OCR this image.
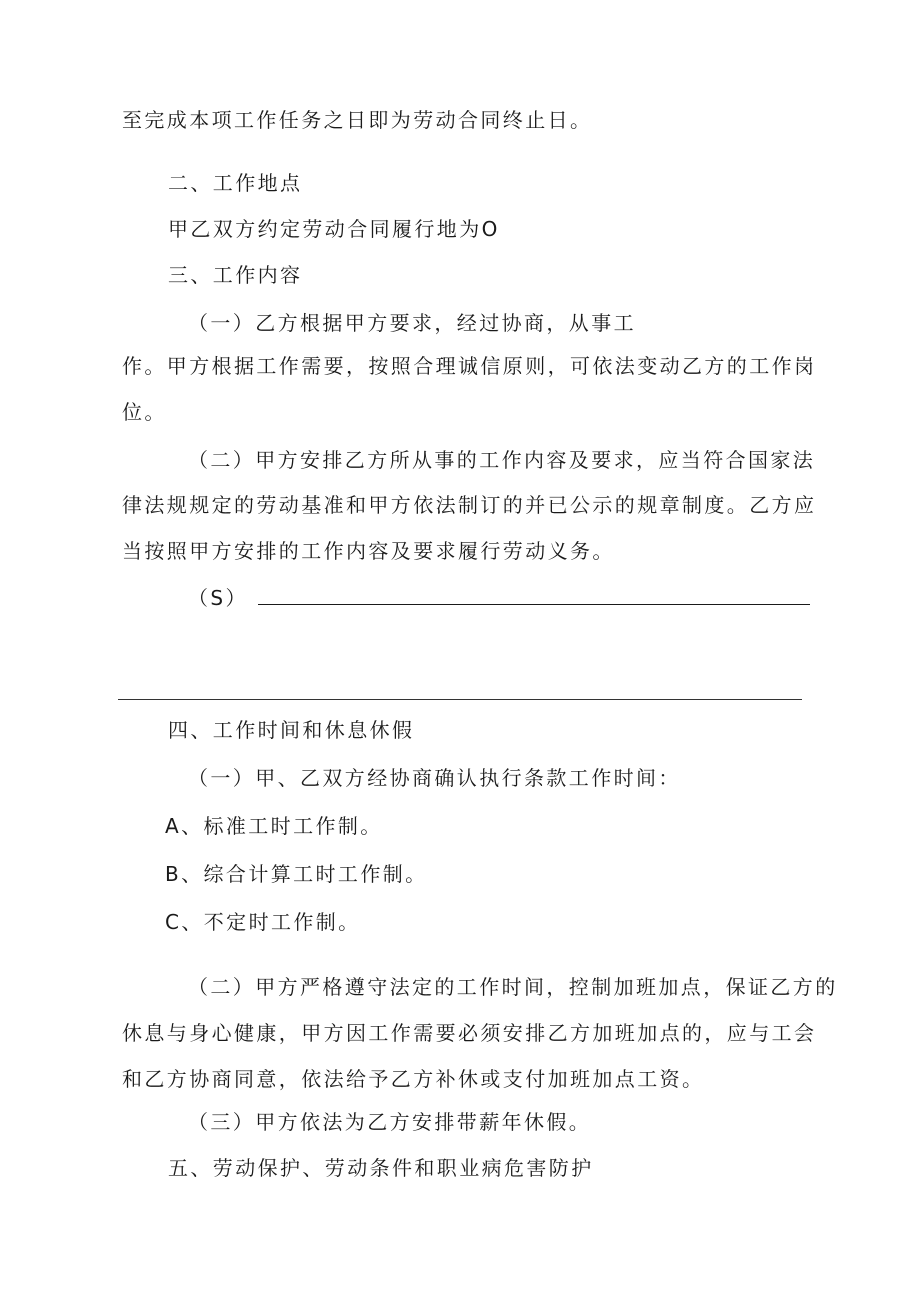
至完成本项工作任务之日即为劳动合同终止日。
二、工作地点
甲乙双方约定劳动合同履行地为O
三、工作内容
（一）乙方根据甲方要求，经过协商，从事工
作。甲方根据工作需要，按照合理诚信原则，可依法变动乙方的工作岗
位。
（二）甲方安排乙方所从事的工作内容及要求，应当符合国家法
律法规规定的劳动基准和甲方依法制订的并已公示的规章制度。乙方应
当按照甲方安排的工作内容及要求履行劳动义务。
（S）
四、工作时间和休息休假
（一）甲、乙双方经协商确认执行条款工作时间：
A、标准工时工作制。
B、综合计算工时工作制。
C、不定时工作制。
（二）甲方严格遵守法定的工作时间，控制加班加点，保证乙方的
休息与身心健康，甲方因工作需要必须安排乙方加班加点的，应与工会
和乙方协商同意，依法给予乙方补休或支付加班加点工资。
（三）甲方依法为乙方安排带薪年休假。
五、劳动保护、劳动条件和职业病危害防护
